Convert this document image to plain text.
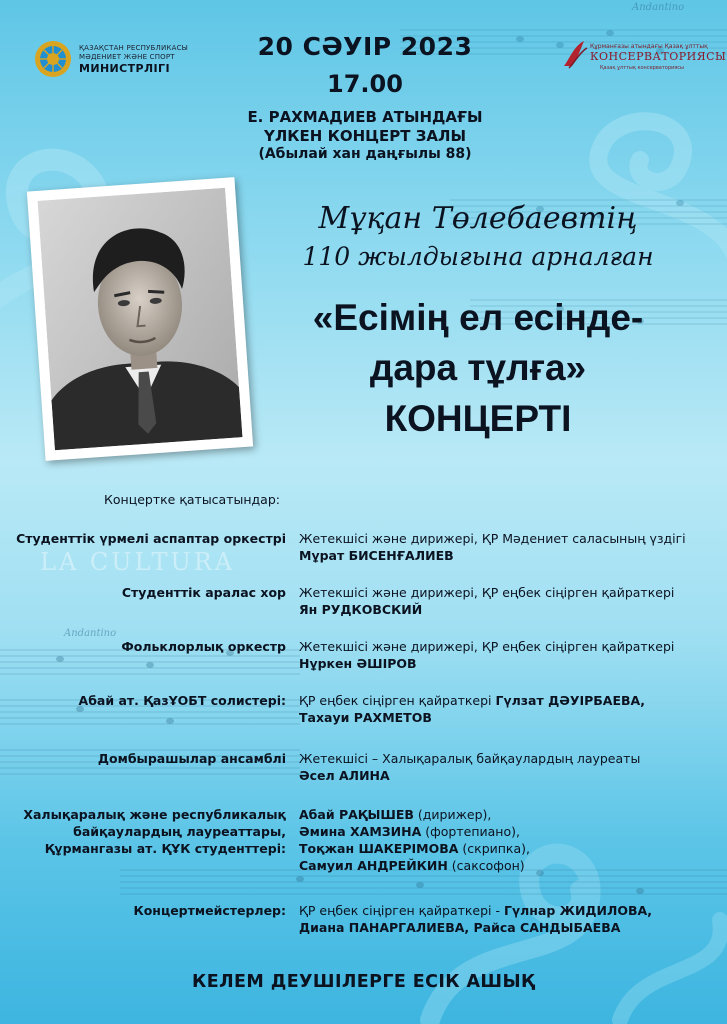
Andantino
Andantino
LA CULTURA
ҚАЗАҚСТАН РЕСПУБЛИКАСЫ
МӘДЕНИЕТ ЖӘНЕ СПОРТ
МИНИСТРЛІГІ
Құрманғазы атындағы Қазақ ұлттық
КОНСЕРВАТОРИЯСЫ
Қазақ ұлттық консерваториясы
20 СӘУІР 2023
17.00
Е. РАХМАДИЕВ АТЫНДАҒЫ
ҮЛКЕН КОНЦЕРТ ЗАЛЫ
(Абылай хан даңғылы 88)
Мұқан Төлебаевтің
110 жылдығына арналған
«Есімің ел есінде-
дара тұлға»
КОНЦЕРТІ
Концертке қатысатындар:
Студенттік үрмелі аспаптар оркестрі Жетекшісі және дирижері, ҚР Мәдениет саласының үздігі
Мұрат БИСЕНҒАЛИЕВ
Студенттік аралас хор Жетекшісі және дирижері, ҚР еңбек сіңірген қайраткері
Ян РУДКОВСКИЙ
Фольклорлық оркестр Жетекшісі және дирижері, ҚР еңбек сіңірген қайраткері
Нұркен ӘШІРОВ
Абай ат. ҚазҰОБТ солистері: ҚР еңбек сіңірген қайраткері Гүлзат ДӘУІРБАЕВА,
Тахауи РАХМЕТОВ
Домбырашылар ансамблі Жетекшісі – Халықаралық байқаулардың лауреаты
Әсел АЛИНА
Халықаралық және республикалық
байқаулардың лауреаттары,
Құрмангазы ат. ҚҰК студенттері:
Абай РАҚЫШЕВ (дирижер),
Әмина ХАМЗИНА (фортепиано),
Тоқжан ШАКЕРІМОВА (скрипка),
Самуил АНДРЕЙКИН (саксофон)
Концертмейстерлер: ҚР еңбек сіңірген қайраткері - Гүлнар ЖИДИЛОВА,
Диана ПАНАРГАЛИЕВА, Райса САНДЫБАЕВА
КЕЛЕМ ДЕУШІЛЕРГЕ ЕСІК АШЫҚ
